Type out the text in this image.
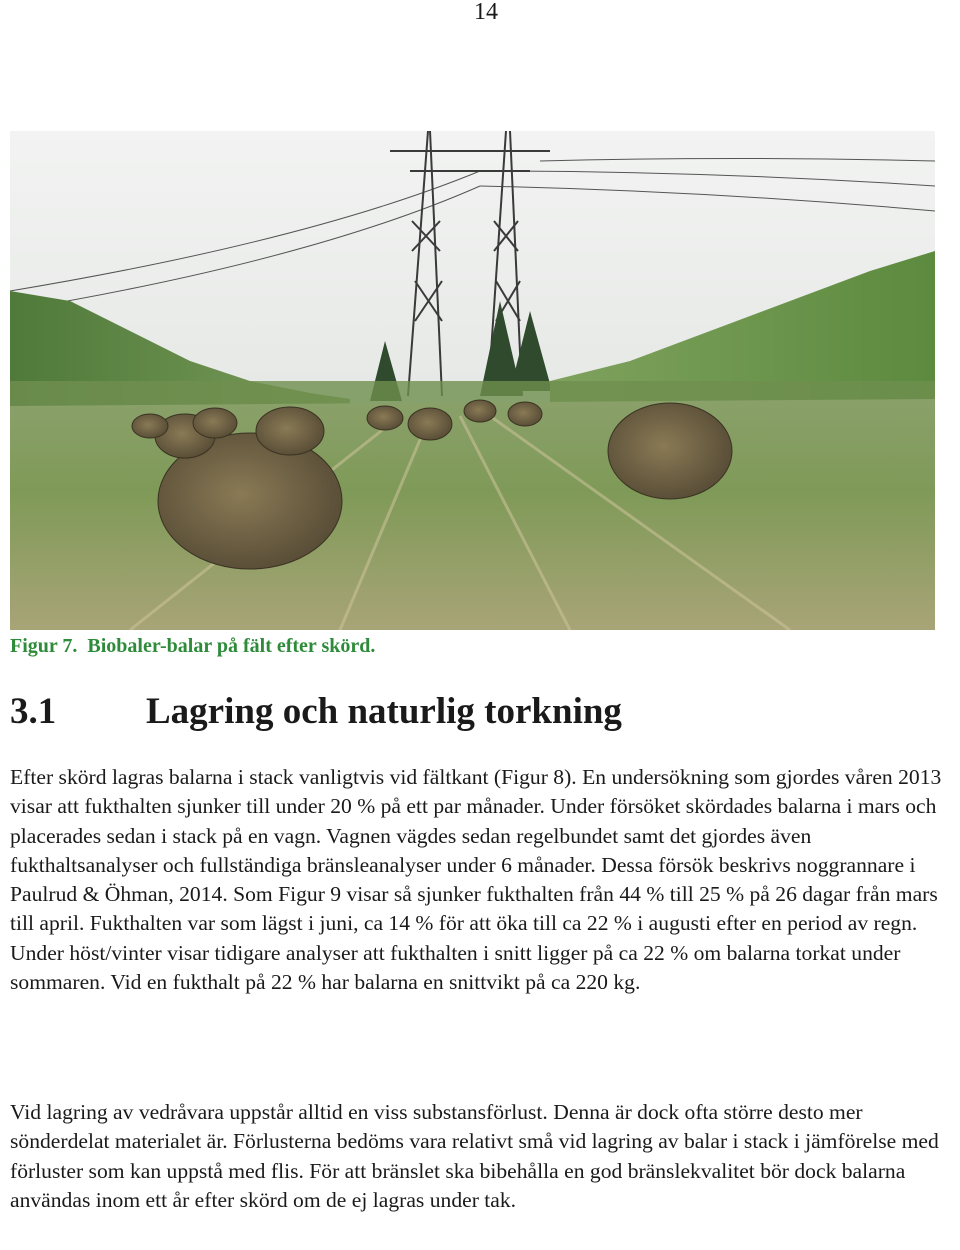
14
Figur 7.  Biobaler-balar på fält efter skörd.
3.1 Lagring och naturlig torkning

Efter skörd lagras balarna i stack vanligtvis vid fältkant (Figur 8). En undersökning som gjordes våren 2013 visar att fukthalten sjunker till under 20 % på ett par månader. Under försöket skördades balarna i mars och placerades sedan i stack på en vagn. Vagnen vägdes sedan regelbundet samt det gjordes även fukthaltsanalyser och fullständiga bränsleanalyser under 6 månader. Dessa försök beskrivs noggrannare i Paulrud & Öhman, 2014. Som Figur 9 visar så sjunker fukthalten från 44 % till 25 % på 26 dagar från mars till april. Fukthalten var som lägst i juni, ca 14 % för att öka till ca 22 % i augusti efter en period av regn. Under höst/vinter visar tidigare analyser att fukthalten i snitt ligger på ca 22 % om balarna torkat under sommaren. Vid en fukthalt på 22 % har balarna en snittvikt på ca 220 kg.

Vid lagring av vedråvara uppstår alltid en viss substansförlust. Denna är dock ofta större desto mer sönderdelat materialet är. Förlusterna bedöms vara relativt små vid lagring av balar i stack i jämförelse med förluster som kan uppstå med flis. För att bränslet ska bibehålla en god bränslekvalitet bör dock balarna användas inom ett år efter skörd om de ej lagras under tak.
